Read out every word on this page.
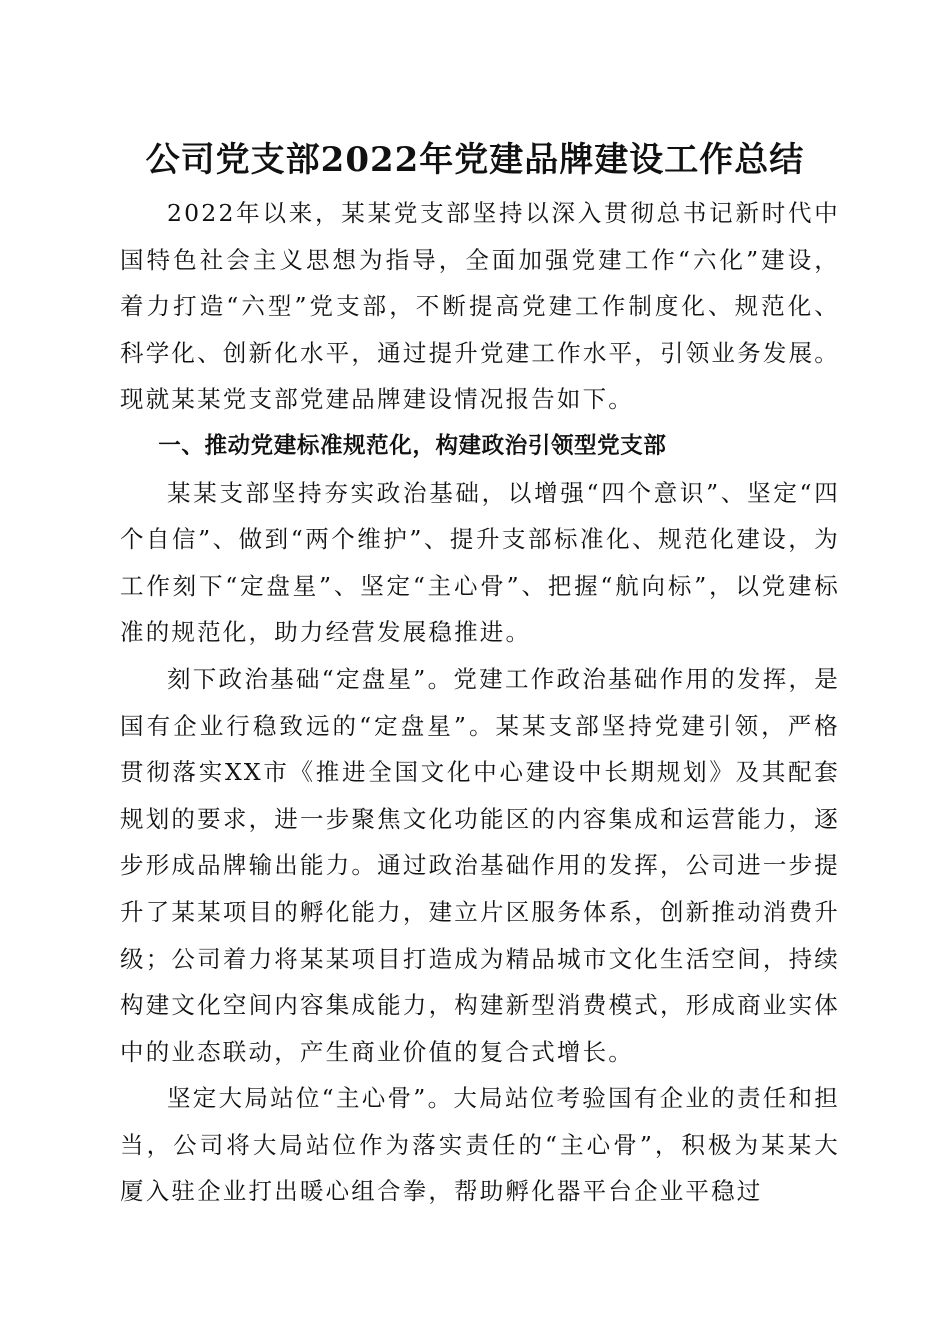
公司党支部2022年党建品牌建设工作总结

2022年以来，某某党支部坚持以深入贯彻总书记新时代中国特色社会主义思想为指导，全面加强党建工作“六化”建设，着力打造“六型”党支部，不断提高党建工作制度化、规范化、科学化、创新化水平，通过提升党建工作水平，引领业务发展。现就某某党支部党建品牌建设情况报告如下。

一、推动党建标准规范化，构建政治引领型党支部

某某支部坚持夯实政治基础，以增强“四个意识”、坚定“四个自信”、做到“两个维护”、提升支部标准化、规范化建设，为工作刻下“定盘星”、坚定“主心骨”、把握“航向标”，以党建标准的规范化，助力经营发展稳推进。

刻下政治基础“定盘星”。党建工作政治基础作用的发挥，是国有企业行稳致远的“定盘星”。某某支部坚持党建引领，严格贯彻落实XX市《推进全国文化中心建设中长期规划》及其配套规划的要求，进一步聚焦文化功能区的内容集成和运营能力，逐步形成品牌输出能力。通过政治基础作用的发挥，公司进一步提升了某某项目的孵化能力，建立片区服务体系，创新推动消费升级；公司着力将某某项目打造成为精品城市文化生活空间，持续构建文化空间内容集成能力，构建新型消费模式，形成商业实体中的业态联动，产生商业价值的复合式增长。

坚定大局站位“主心骨”。大局站位考验国有企业的责任和担当，公司将大局站位作为落实责任的“主心骨”，积极为某某大厦入驻企业打出暖心组合拳，帮助孵化器平台企业平稳过
